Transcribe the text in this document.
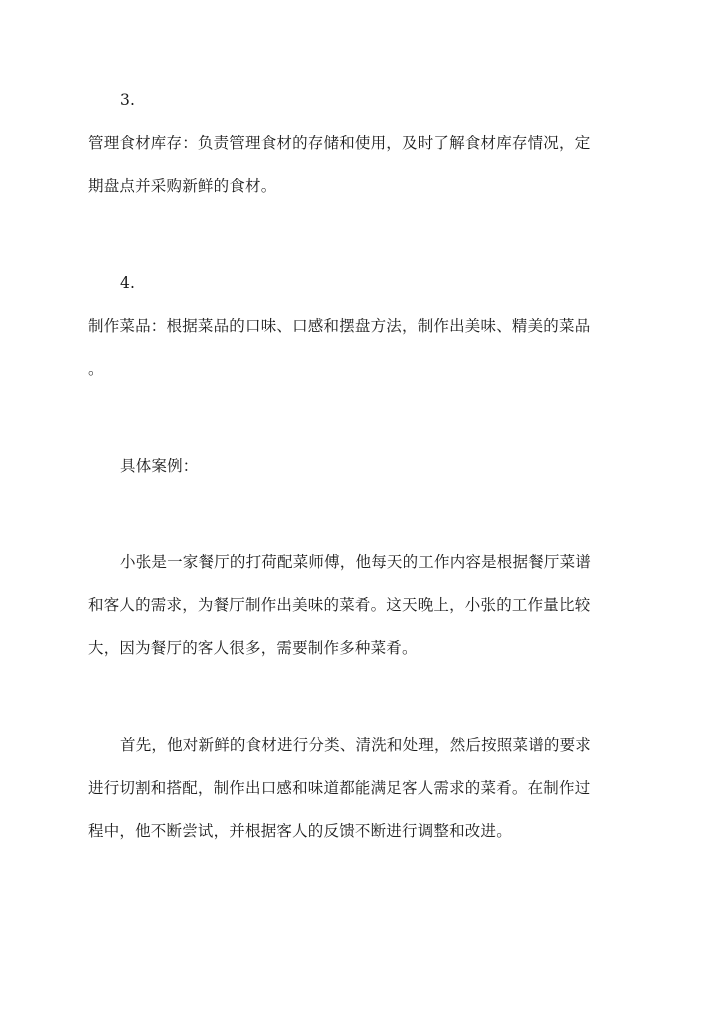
3.
管理食材库存：负责管理食材的存储和使用，及时了解食材库存情况，定
期盘点并采购新鲜的食材。
4.
制作菜品：根据菜品的口味、口感和摆盘方法，制作出美味、精美的菜品
。
具体案例：
小张是一家餐厅的打荷配菜师傅，他每天的工作内容是根据餐厅菜谱
和客人的需求，为餐厅制作出美味的菜肴。这天晚上，小张的工作量比较
大，因为餐厅的客人很多，需要制作多种菜肴。
首先，他对新鲜的食材进行分类、清洗和处理，然后按照菜谱的要求
进行切割和搭配，制作出口感和味道都能满足客人需求的菜肴。在制作过
程中，他不断尝试，并根据客人的反馈不断进行调整和改进。
